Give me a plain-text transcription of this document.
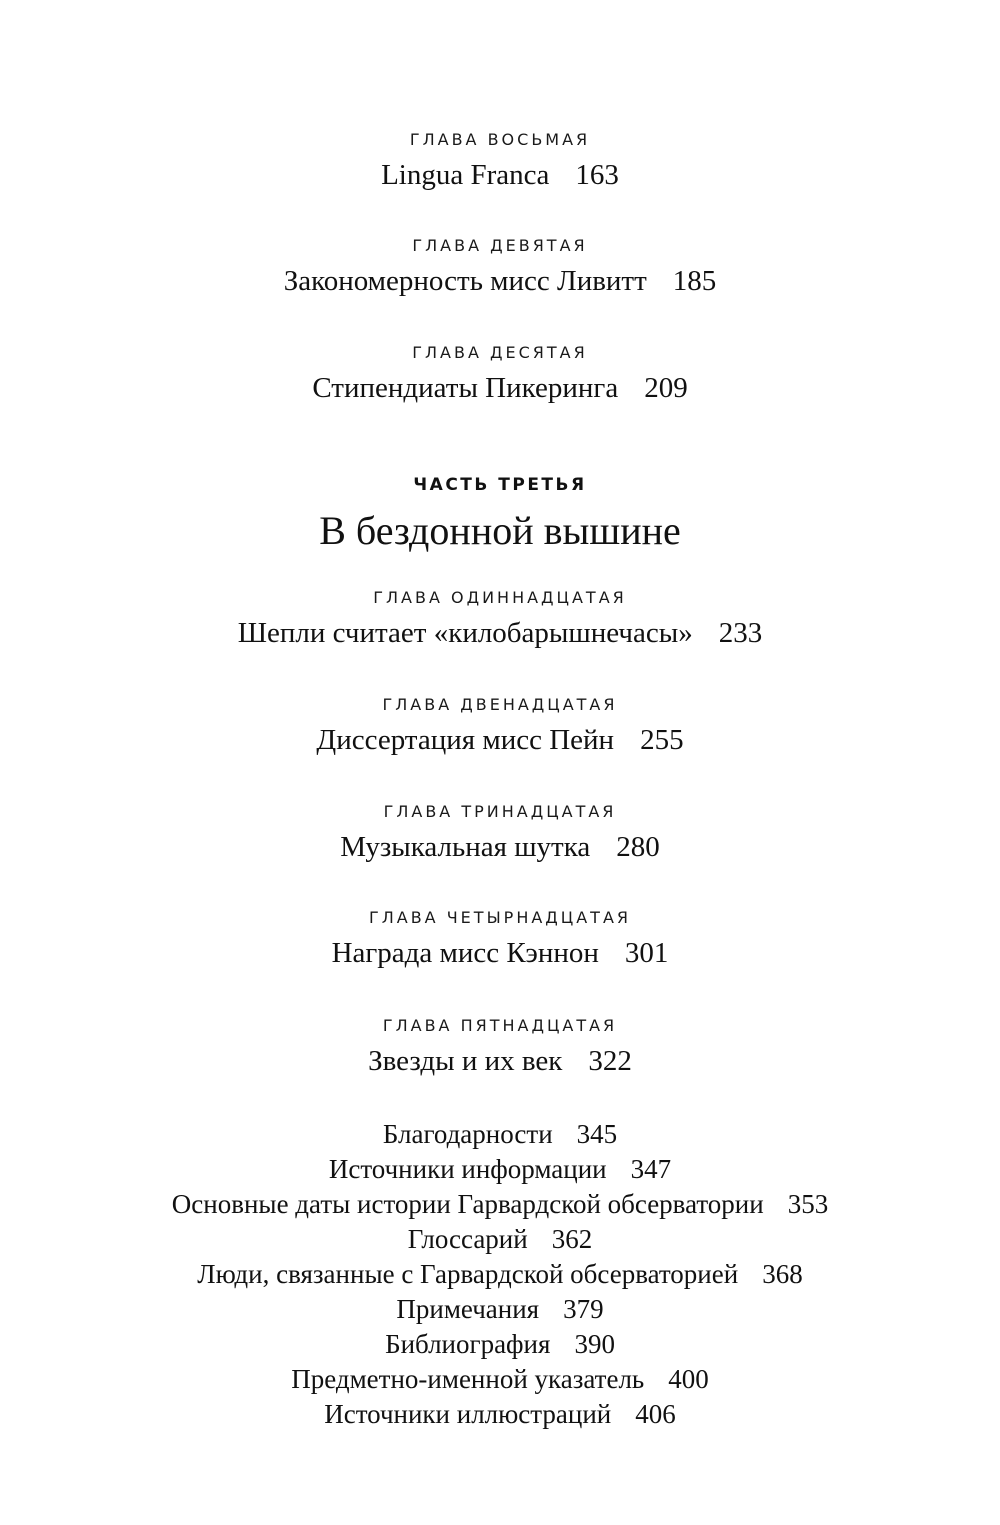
ГЛАВА ВОСЬМАЯ
Lingua Franca 163
ГЛАВА ДЕВЯТАЯ
Закономерность мисс Ливитт 185
ГЛАВА ДЕСЯТАЯ
Стипендиаты Пикеринга 209
ЧАСТЬ ТРЕТЬЯ
В бездонной вышине
ГЛАВА ОДИННАДЦАТАЯ
Шепли считает «килобарышнечасы» 233
ГЛАВА ДВЕНАДЦАТАЯ
Диссертация мисс Пейн 255
ГЛАВА ТРИНАДЦАТАЯ
Музыкальная шутка 280
ГЛАВА ЧЕТЫРНАДЦАТАЯ
Награда мисс Кэннон 301
ГЛАВА ПЯТНАДЦАТАЯ
Звезды и их век 322
Благодарности 345
Источники информации 347
Основные даты истории Гарвардской обсерватории 353
Глоссарий 362
Люди, связанные с Гарвардской обсерваторией 368
Примечания 379
Библиография 390
Предметно-именной указатель 400
Источники иллюстраций 406
